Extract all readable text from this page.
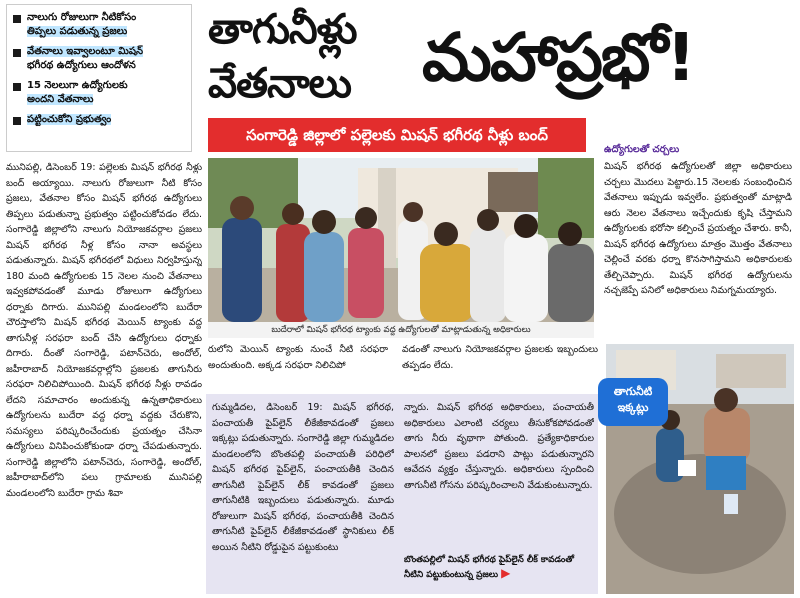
నాలుగు రోజులుగా నీటికోసం
తిప్పలు పడుతున్న ప్రజలు
వేతనాలు ఇవ్వాలంటూ మిషన్
భగీరథ ఉద్యోగులు ఆందోళన
15 నెలలుగా ఉద్యోగులకు
అందని వేతనాలు
పట్టించుకోని ప్రభుత్వం
తాగునీళ్లు
వేతనాలు	మహాప్రభో!
సంగారెడ్డి జిల్లాలో పల్లెలకు మిషన్ భగీరథ నీళ్లు బంద్
మునిపల్లి, డిసెంబర్ 19: పల్లెలకు మిషన్ భగీరథ నీళ్లు బంద్ అయ్యాయి. నాలుగు రోజులుగా నీటి కోసం ప్రజలు, వేతనాల కోసం మిషన్ భగీరథ ఉద్యోగులు తిప్పలు పడుతున్నా ప్రభుత్వం పట్టించుకోవడం లేదు. సంగారెడ్డి జిల్లాలోని నాలుగు నియోజకవర్గాల ప్రజలు మిషన్ భగీరథ నీళ్ల కోసం నానా అవస్థలు పడుతున్నారు. మిషన్ భగీరథలో విధులు నిర్వహిస్తున్న 180 మంది ఉద్యోగులకు 15 నెలల నుంచి వేతనాలు ఇవ్వకపోవడంతో మూడు రోజులుగా ఉద్యోగులు ధర్నాకు దిగారు. మునిపల్లి మండలంలోని బుదేరా చౌరస్తాలోని మిషన్ భగీరథ మెయిన్ ట్యాంకు వద్ద తాగునీళ్ల సరఫరా బంద్ చేసి ఉద్యోగులు ధర్నాకు దిగారు. దీంతో సంగారెడ్డి, పటాన్‌చెరు, అందోల్, జహీరాబాద్ నియోజకవర్గాల్లోని ప్రజలకు తాగునీరు సరఫరా నిలిచిపోయింది. మిషన్ భగీరథ నీళ్లు రావడం లేదని సమాచారం అందుకున్న ఉన్నతాధికారులు ఉద్యోగులను బుదేరా వద్ద ధర్నా వద్దకు చేరుకొని, సమస్యలు పరిష్కరించేందుకు ప్రయత్నం చేసినా ఉద్యోగులు వినిపించుకోకుండా ధర్నా చేపడుతున్నారు. సంగారెడ్డి జిల్లాలోని పటాన్‌చెరు, సంగారెడ్డి, అందోల్, జహీరాబాద్‌లోని పలు గ్రామాలకు మునిపల్లి మండలంలోని బుదేరా గ్రామ శివా
బుదేరాలో మిషన్ భగీరథ ట్యాంకు వద్ద ఉద్యోగులతో మాట్లాడుతున్న అధికారులు
రులోని మెయిన్ ట్యాంకు నుంచే నీటి సరఫరా అందుతుంది. అక్కడ సరఫరా నిలిచిపో
వడంతో నాలుగు నియోజకవర్గాల ప్రజలకు ఇబ్బందులు తప్పడం లేదు.
ఉద్యోగులతో చర్చలు
మిషన్ భగీరథ ఉద్యోగులతో జిల్లా అధికారులు చర్చలు మొదలు పెట్టారు.15 నెలలకు సంబంధించిన వేతనాలు ఇప్పుడు ఇవ్వలేం. ప్రభుత్వంతో మాట్లాడి ఆరు నెలల వేతనాలు ఇచ్చేందుకు కృషి చేస్తామని ఉద్యోగులకు భరోసా కల్పించే ప్రయత్నం చేశారు. కానీ, మిషన్ భగీరథ ఉద్యోగులు మాత్రం మొత్తం వేతనాలు చెల్లించే వరకు ధర్నా కొనసాగిస్తామని అధికారులకు తేల్చిచెప్పారు. మిషన్ భగీరథ ఉద్యోగులను నచ్చజెప్పే పనిలో అధికారులు నిమగ్నమయ్యారు.
గుమ్మడిదల, డిసెంబర్ 19: మిషన్ భగీరథ, పంచాయతీ పైప్‌లైన్ లీకేజీకావడంతో ప్రజలు ఇక్కట్లు పడుతున్నారు. సంగారెడ్డి జిల్లా గుమ్మడిదల మండలంలోని బొంతపల్లి పంచాయతీ పరిధిలో మిషన్ భగీరథ పైప్‌లైన్, పంచాయతీకి చెందిన తాగునీటి పైప్‌లైన్ లీక్ కావడంతో ప్రజలు తాగునీటికి ఇబ్బందులు పడుతున్నారు. మూడు రోజులుగా మిషన్ భగీరథ, పంచాయతీకి చెందిన తాగునీటి పైప్‌లైన్ లీకేజీకావడంతో స్థానికులు లీక్ అయిన నీటిని రోడ్డుపైన పట్టుకుంటు
న్నారు. మిషన్ భగీరథ అధికారులు, పంచాయతీ అధికారులు ఎలాంటి చర్యలు తీసుకోకపోవడంతో తాగు నీరు వృథాగా పోతుంది. ప్రత్యేకాధికారుల పాలనలో ప్రజలు పడరాని పాట్లు పడుతున్నారని ఆవేదన వ్యక్తం చేస్తున్నారు. అధికారులు స్పందించి తాగునీటి గోసను పరిష్కరించాలని వేడుకుంటున్నారు.
బొంతపల్లిలో మిషన్ భగీరథ పైప్‌లైన్ లీక్ కావడంతో నీటిని పట్టుకుంటున్న ప్రజలు ▶
తాగునీటి
ఇక్కట్లు
